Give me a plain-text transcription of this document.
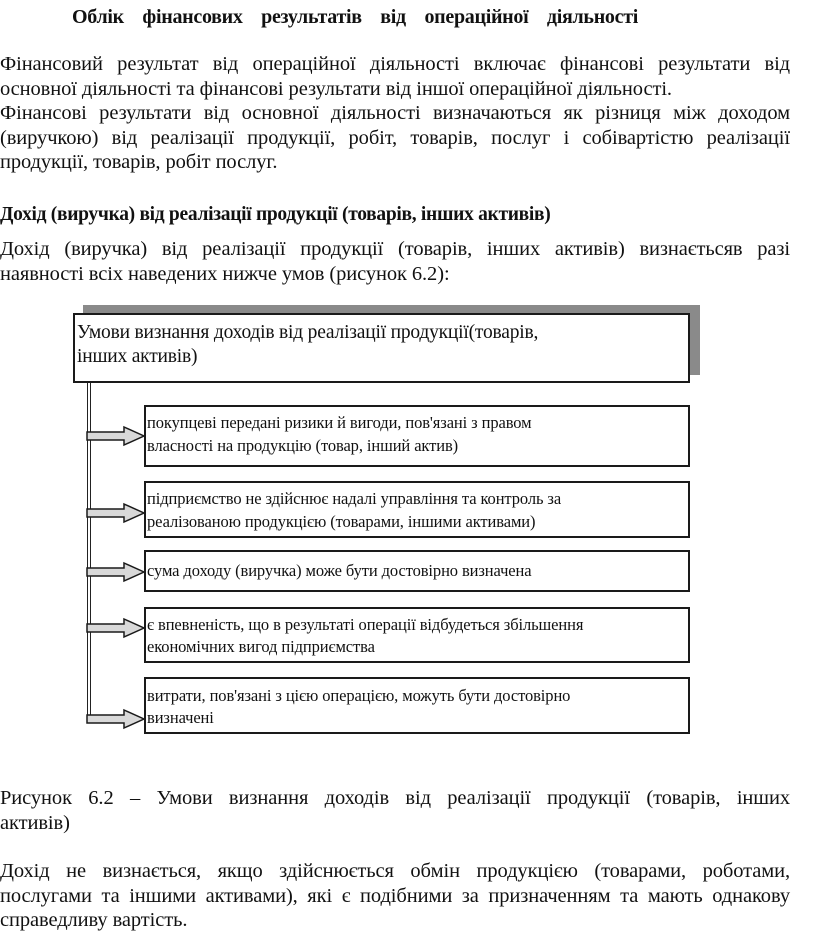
Облік фінансових результатів від операційної діяльності
Фінансовий результат від операційної діяльності включає фінансові результати від
основної діяльності та фінансові результати від іншої операційної діяльності.
Фінансові результати від основної діяльності визначаються як різниця між доходом
(виручкою) від реалізації продукції, робіт, товарів, послуг і собівартістю реалізації
продукції, товарів, робіт послуг.
Дохід (виручка) від реалізації продукції (товарів, інших активів)
Дохід (виручка) від реалізації продукції (товарів, інших активів) визнаєтьсяв разі
наявності всіх наведених нижче умов (рисунок 6.2):
Умови визнання доходів від реалізації продукції(товарів,
інших активів)
покупцеві передані ризики й вигоди, пов'язані з правом
власності на продукцію (товар, інший актив)
підприємство не здійснює надалі управління та контроль за
реалізованою продукцією (товарами, іншими активами)
сума доходу (виручка) може бути достовірно визначена
є впевненість, що в результаті операції відбудеться збільшення
економічних вигод підприємства
витрати, пов'язані з цією операцією, можуть бути достовірно
визначені
Рисунок 6.2 – Умови визнання доходів від реалізації продукції (товарів, інших
активів)
Дохід не визнається, якщо здійснюється обмін продукцією (товарами, роботами,
послугами та іншими активами), які є подібними за призначенням та мають однакову
справедливу вартість.
